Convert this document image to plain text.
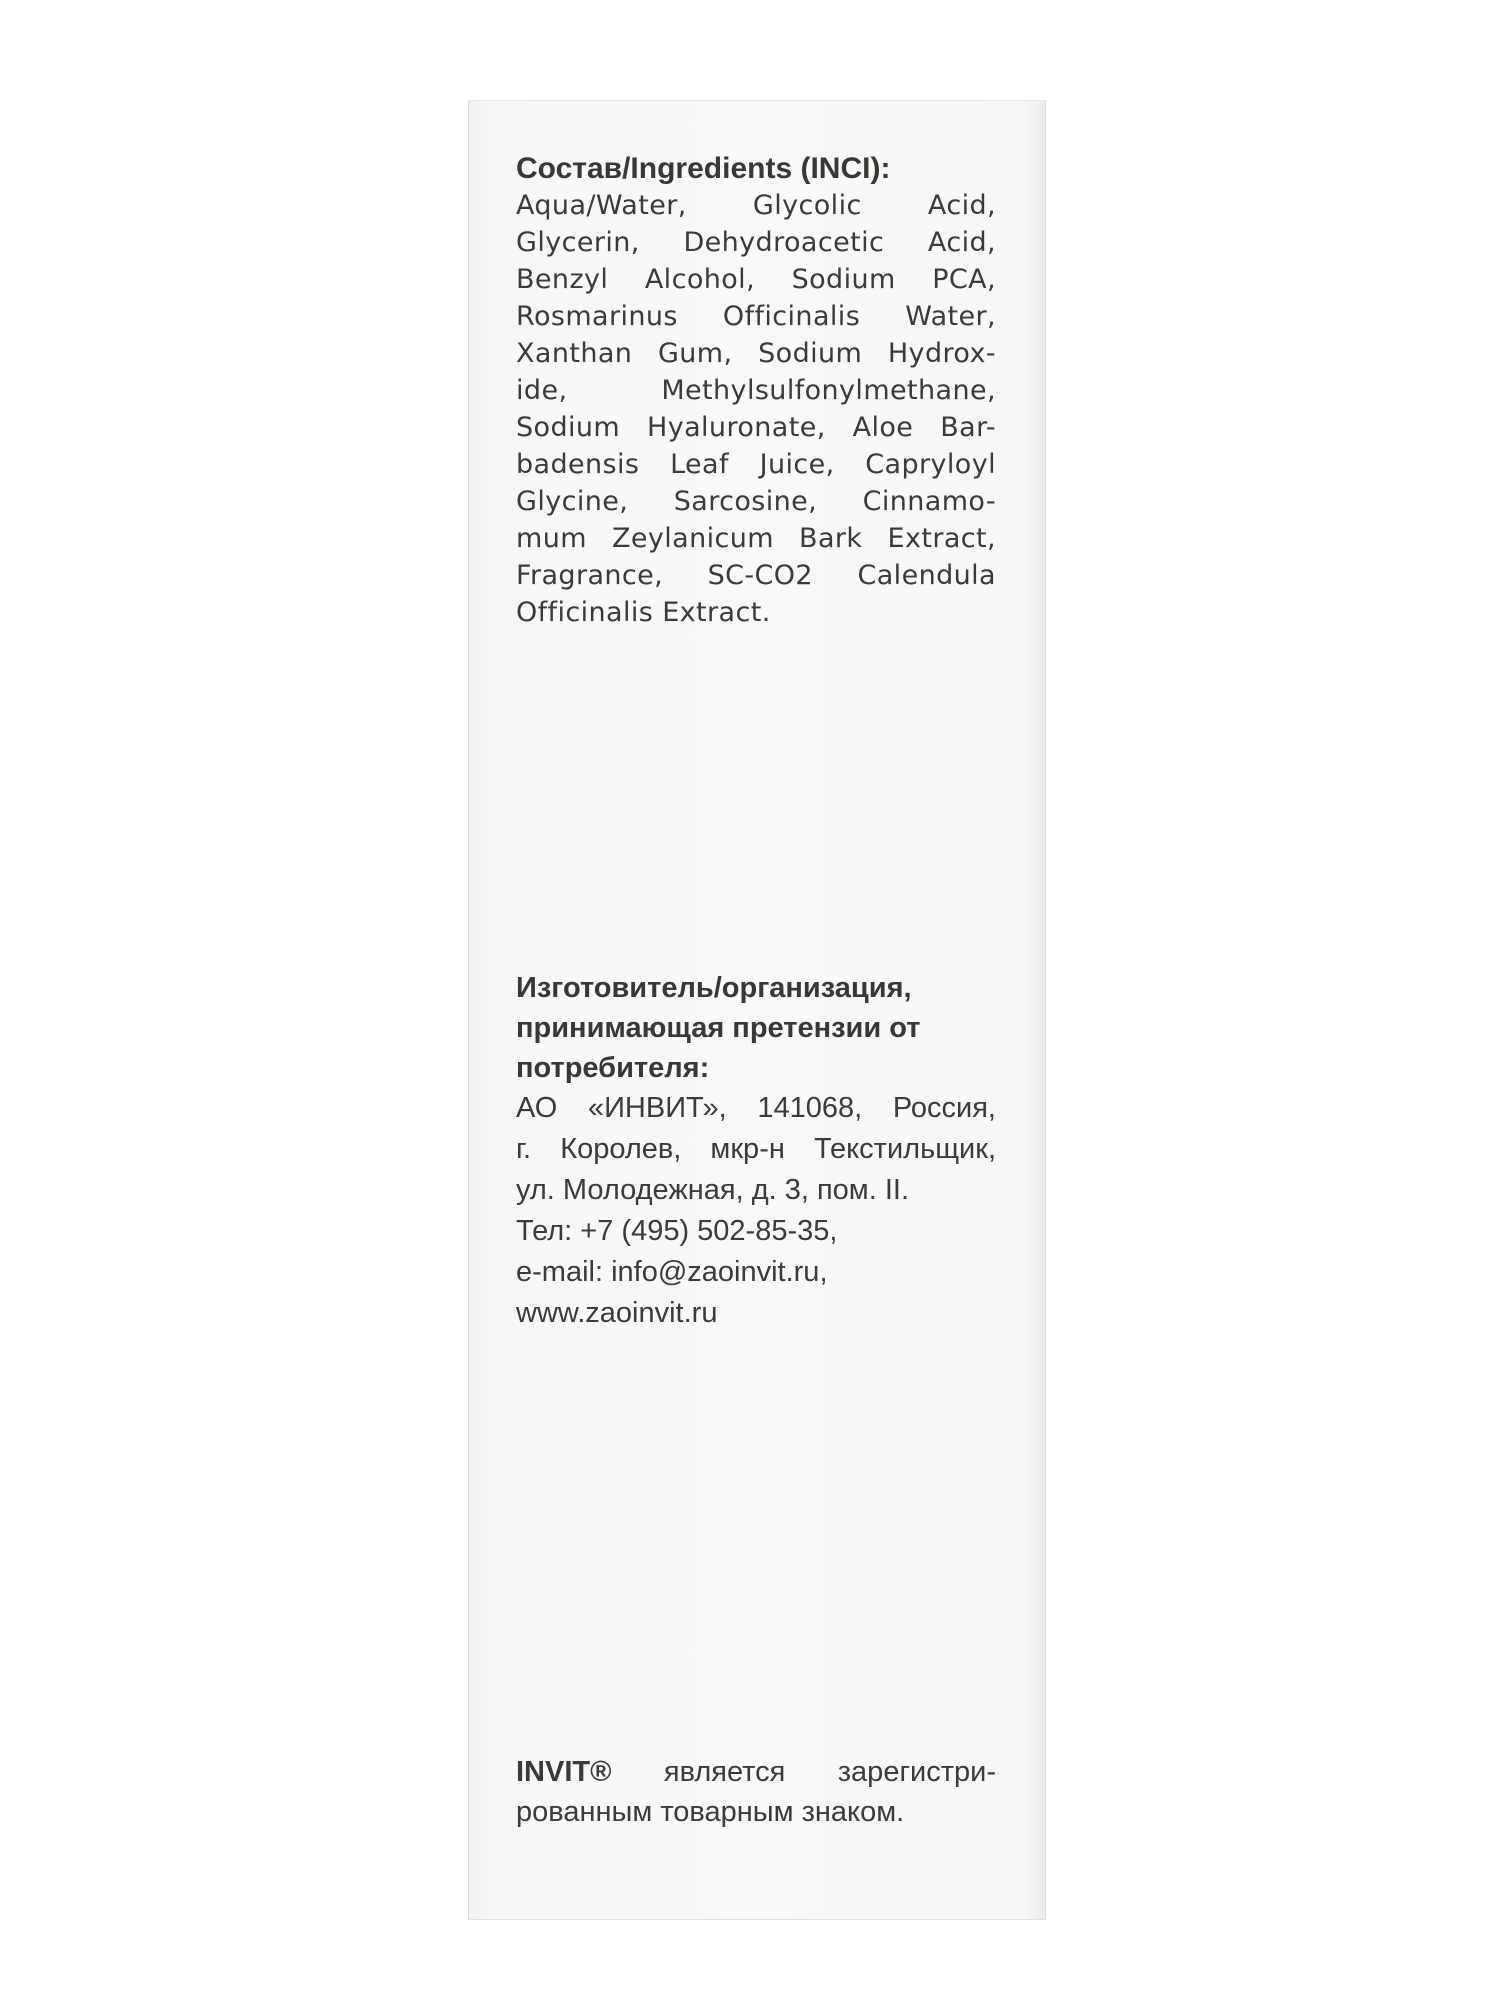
Состав/Ingredients (INCI):
Aqua/Water, Glycolic Acid,
Glycerin, Dehydroacetic Acid,
Benzyl Alcohol, Sodium PCA,
Rosmarinus Officinalis Water,
Xanthan Gum, Sodium Hydrox-
ide, Methylsulfonylmethane,
Sodium Hyaluronate, Aloe Bar-
badensis Leaf Juice, Capryloyl
Glycine, Sarcosine, Cinnamo-
mum Zeylanicum Bark Extract,
Fragrance, SC-CO2 Calendula
Officinalis Extract.
Изготовитель/организация,
принимающая претензии от
потребителя:
АО «ИНВИТ», 141068, Россия,
г. Королев, мкр-н Текстильщик,
ул. Молодежная, д. 3, пом. II.
Тел: +7 (495) 502-85-35,
e-mail: info@zaoinvit.ru,
www.zaoinvit.ru
INVIT® является зарегистри-
рованным товарным знаком.
